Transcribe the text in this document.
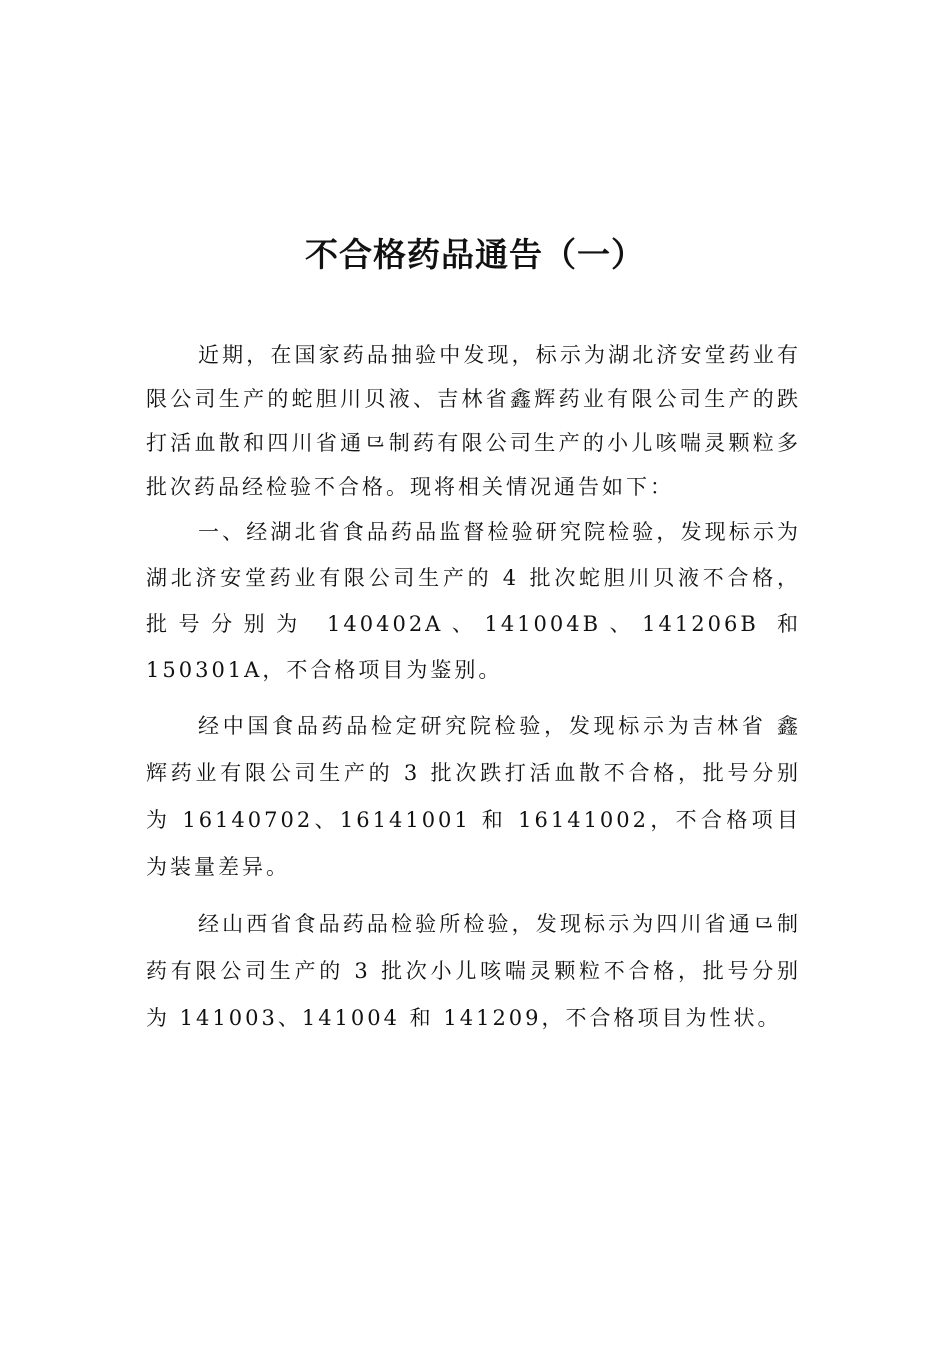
不合格药品通告（一）

近期，在国家药品抽验中发现，标示为湖北济安堂药业有限公司生产的蛇胆川贝液、吉林省鑫辉药业有限公司生产的跌打活血散和四川省通⺋制药有限公司生产的小儿咳喘灵颗粒多批次药品经检验不合格。现将相关情况通告如下：

一、经湖北省食品药品监督检验研究院检验，发现标示为湖北济安堂药业有限公司生产的 4 批次蛇胆川贝液不合格，批号分别为 140402A、141004B、141206B 和 150301A，不合格项目为鉴别。

经中国食品药品检定研究院检验，发现标示为吉林省 鑫辉药业有限公司生产的 3 批次跌打活血散不合格，批号分别为 16140702、16141001 和 16141002，不合格项目为装量差异。

经山西省食品药品检验所检验，发现标示为四川省通⺋制药有限公司生产的 3 批次小儿咳喘灵颗粒不合格，批号分别为 141003、141004 和 141209，不合格项目为性状。
